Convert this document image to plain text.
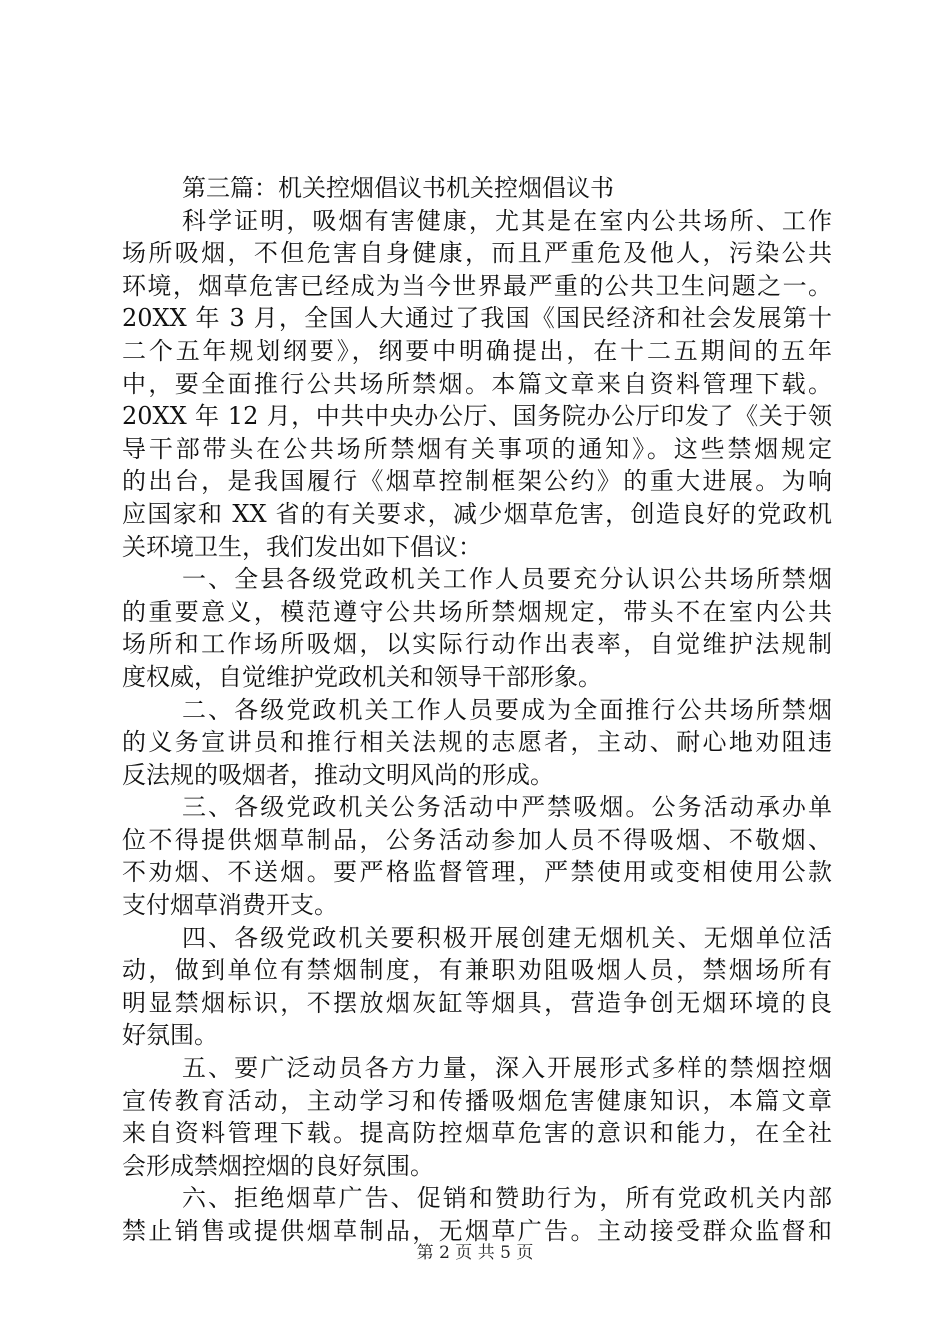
第三篇：机关控烟倡议书机关控烟倡议书
科学证明，吸烟有害健康，尤其是在室内公共场所、工作
场所吸烟，不但危害自身健康，而且严重危及他人，污染公共
环境，烟草危害已经成为当今世界最严重的公共卫生问题之一。
20XX 年 3 月，全国人大通过了我国《国民经济和社会发展第十
二个五年规划纲要》，纲要中明确提出，在十二五期间的五年
中，要全面推行公共场所禁烟。本篇文章来自资料管理下载。
20XX 年 12 月，中共中央办公厅、国务院办公厅印发了《关于领
导干部带头在公共场所禁烟有关事项的通知》。这些禁烟规定
的出台，是我国履行《烟草控制框架公约》的重大进展。为响
应国家和 XX 省的有关要求，减少烟草危害，创造良好的党政机
关环境卫生，我们发出如下倡议：
一、全县各级党政机关工作人员要充分认识公共场所禁烟
的重要意义，模范遵守公共场所禁烟规定，带头不在室内公共
场所和工作场所吸烟，以实际行动作出表率，自觉维护法规制
度权威，自觉维护党政机关和领导干部形象。
二、各级党政机关工作人员要成为全面推行公共场所禁烟
的义务宣讲员和推行相关法规的志愿者，主动、耐心地劝阻违
反法规的吸烟者，推动文明风尚的形成。
三、各级党政机关公务活动中严禁吸烟。公务活动承办单
位不得提供烟草制品，公务活动参加人员不得吸烟、不敬烟、
不劝烟、不送烟。要严格监督管理，严禁使用或变相使用公款
支付烟草消费开支。
四、各级党政机关要积极开展创建无烟机关、无烟单位活
动，做到单位有禁烟制度，有兼职劝阻吸烟人员，禁烟场所有
明显禁烟标识，不摆放烟灰缸等烟具，营造争创无烟环境的良
好氛围。
五、要广泛动员各方力量，深入开展形式多样的禁烟控烟
宣传教育活动，主动学习和传播吸烟危害健康知识，本篇文章
来自资料管理下载。提高防控烟草危害的意识和能力，在全社
会形成禁烟控烟的良好氛围。
六、拒绝烟草广告、促销和赞助行为，所有党政机关内部
禁止销售或提供烟草制品，无烟草广告。主动接受群众监督和
第 2 页 共 5 页
